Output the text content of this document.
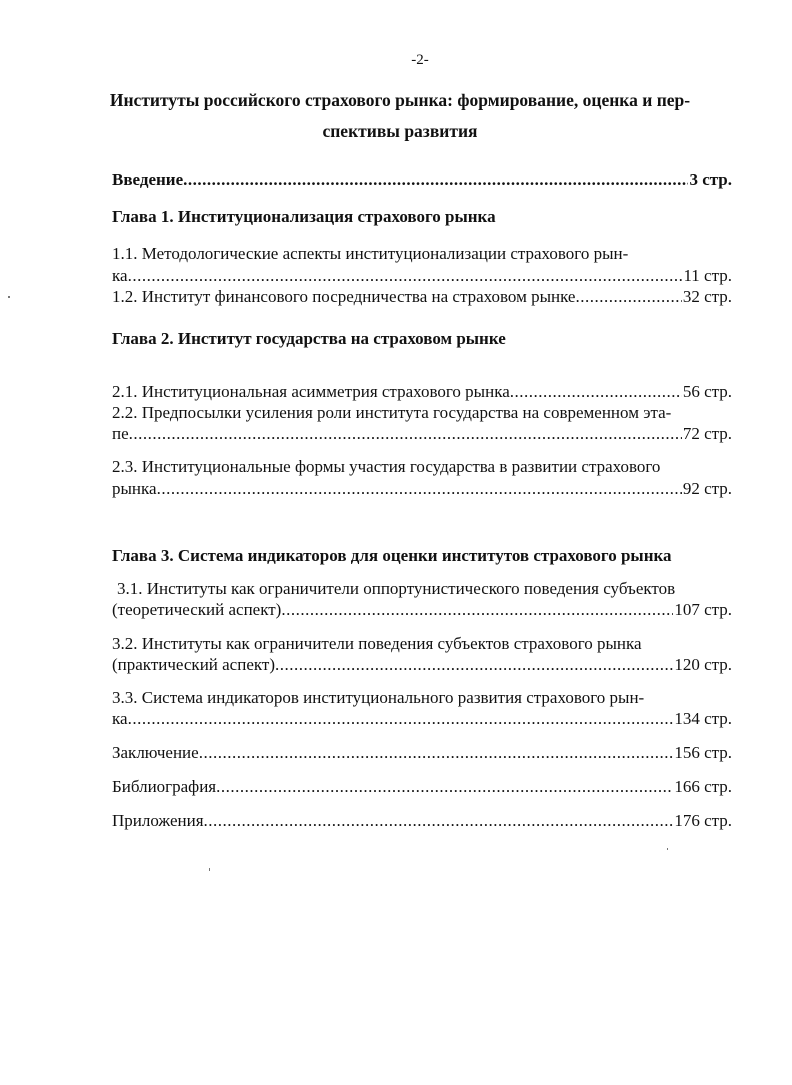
-2-
Институты российского страхового рынка: формирование, оценка и пер-
спективы развития
Введение .....	3 стр.
Глава 1. Институционализация страхового рынка
1.1. Методологические аспекты институционализации страхового рын-
ка .....	11 стр.
1.2. Институт финансового посредничества на страховом рынке .....	32 стр.
Глава 2. Институт государства на страховом рынке
2.1. Институциональная асимметрия страхового рынка .....	56 стр.
2.2. Предпосылки усиления роли института государства на современном эта-
пе .....	72 стр.
2.3. Институциональные формы участия государства в развитии страхового
рынка .....	92 стр.
Глава 3. Система индикаторов для оценки институтов страхового рынка
3.1. Институты как ограничители оппортунистического поведения субъектов
(теоретический аспект) .....	107 стр.
3.2. Институты как ограничители поведения субъектов страхового рынка
(практический аспект) .....	120 стр.
3.3. Система индикаторов институционального развития страхового рын-
ка .....	134 стр.
Заключение .....	156 стр.
Библиография .....	166 стр.
Приложения .....	176 стр.
